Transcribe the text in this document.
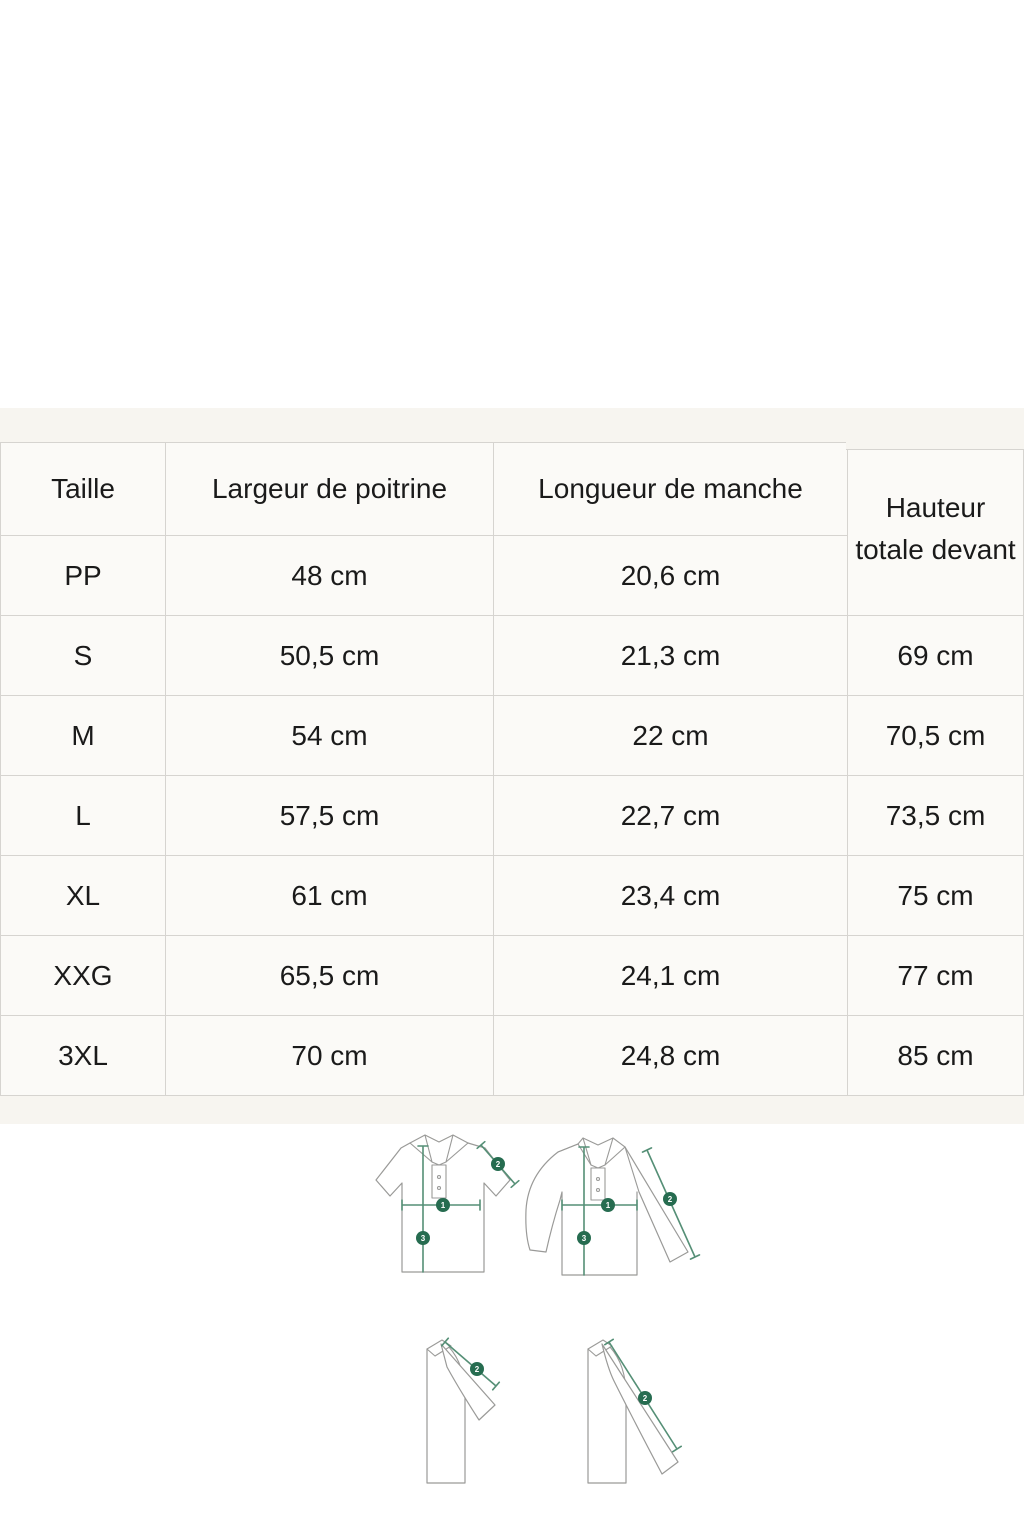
Taille	Largeur de poitrine	Longueur de manche	Hauteur totale devant
PP	48 cm	20,6 cm	
S	50,5 cm	21,3 cm	69 cm
M	54 cm	22 cm	70,5 cm
L	57,5 cm	22,7 cm	73,5 cm
XL	61 cm	23,4 cm	75 cm
XXG	65,5 cm	24,1 cm	77 cm
3XL	70 cm	24,8 cm	85 cm
1
3
2
1
3
2
2
2
